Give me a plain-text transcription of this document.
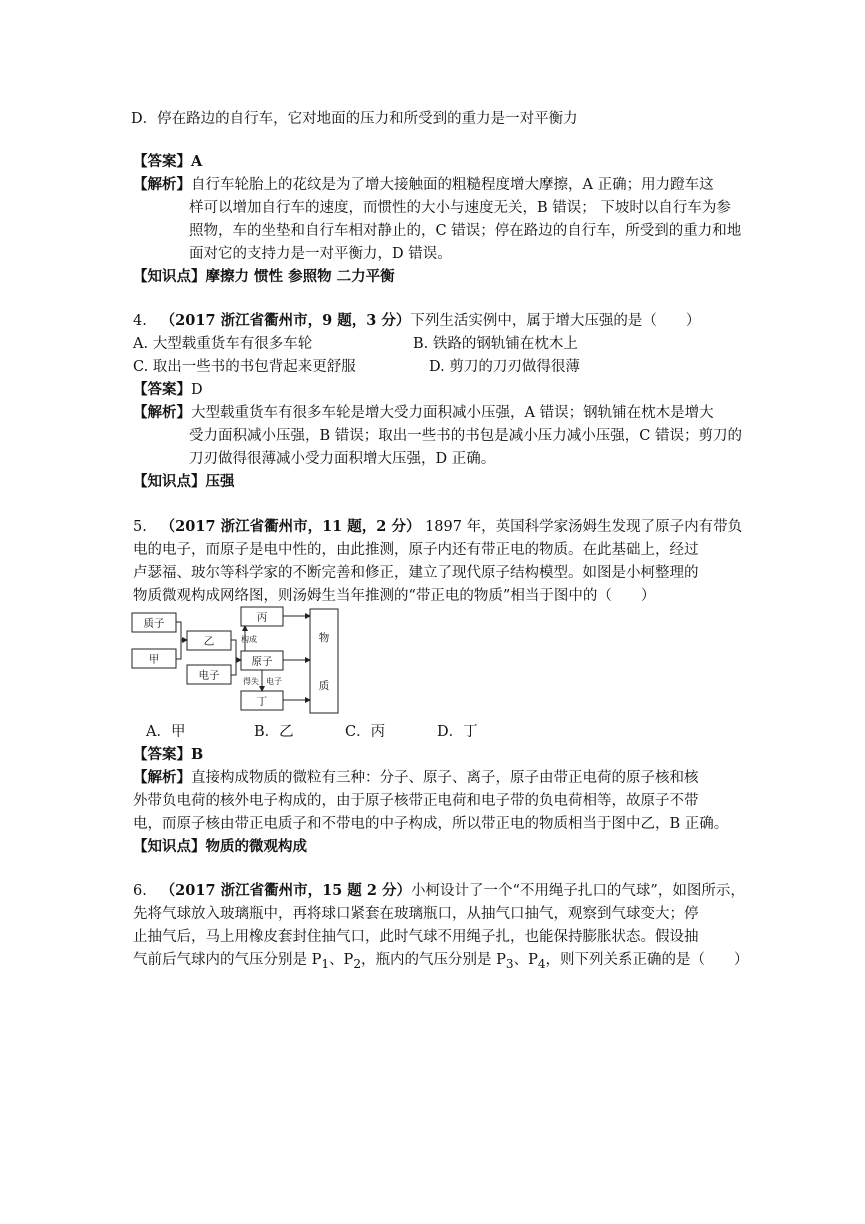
D．停在路边的自行车，它对地面的压力和所受到的重力是一对平衡力
【答案】A
【解析】自行车轮胎上的花纹是为了增大接触面的粗糙程度增大摩擦，A 正确；用力蹬车这
样可以增加自行车的速度，而惯性的大小与速度无关，B 错误； 下坡时以自行车为参
照物，车的坐垫和自行车相对静止的，C 错误；停在路边的自行车，所受到的重力和地
面对它的支持力是一对平衡力，D 错误。
【知识点】摩擦力 惯性 参照物 二力平衡
4. （2017 浙江省衢州市，9 题，3 分）下列生活实例中，属于增大压强的是（　　）
A. 大型载重货车有很多车轮	B. 铁路的钢轨铺在枕木上
C. 取出一些书的书包背起来更舒服	D. 剪刀的刀刃做得很薄
【答案】D
【解析】大型载重货车有很多车轮是增大受力面积减小压强，A 错误；钢轨铺在枕木是增大
受力面积减小压强，B 错误；取出一些书的书包是减小压力减小压强，C 错误；剪刀的
刀刃做得很薄减小受力面积增大压强，D 正确。
【知识点】压强
5. （2017 浙江省衢州市，11 题，2 分） 1897 年，英国科学家汤姆生发现了原子内有带负
电的电子，而原子是电中性的，由此推测，原子内还有带正电的物质。在此基础上，经过
卢瑟福、玻尔等科学家的不断完善和修正，建立了现代原子结构模型。如图是小柯整理的
物质微观构成网络图，则汤姆生当年推测的“带正电的物质”相当于图中的（　　）
质子
甲
乙
电子
丙
原子
丁
物
质
构成
得失 电子
A．甲	B．乙	C．丙	D．丁
【答案】B
【解析】直接构成物质的微粒有三种：分子、原子、离子，原子由带正电荷的原子核和核
外带负电荷的核外电子构成的，由于原子核带正电荷和电子带的负电荷相等，故原子不带
电，而原子核由带正电质子和不带电的中子构成，所以带正电的物质相当于图中乙，B 正确。
【知识点】物质的微观构成
6. （2017 浙江省衢州市，15 题 2 分）小柯设计了一个“不用绳子扎口的气球”，如图所示，
先将气球放入玻璃瓶中，再将球口紧套在玻璃瓶口，从抽气口抽气，观察到气球变大；停
止抽气后，马上用橡皮套封住抽气口，此时气球不用绳子扎，也能保持膨胀状态。假设抽
气前后气球内的气压分别是 $P_1$、$P_2$，瓶内的气压分别是 $P_3$、$P_4$，则下列关系正确的是（　　）
